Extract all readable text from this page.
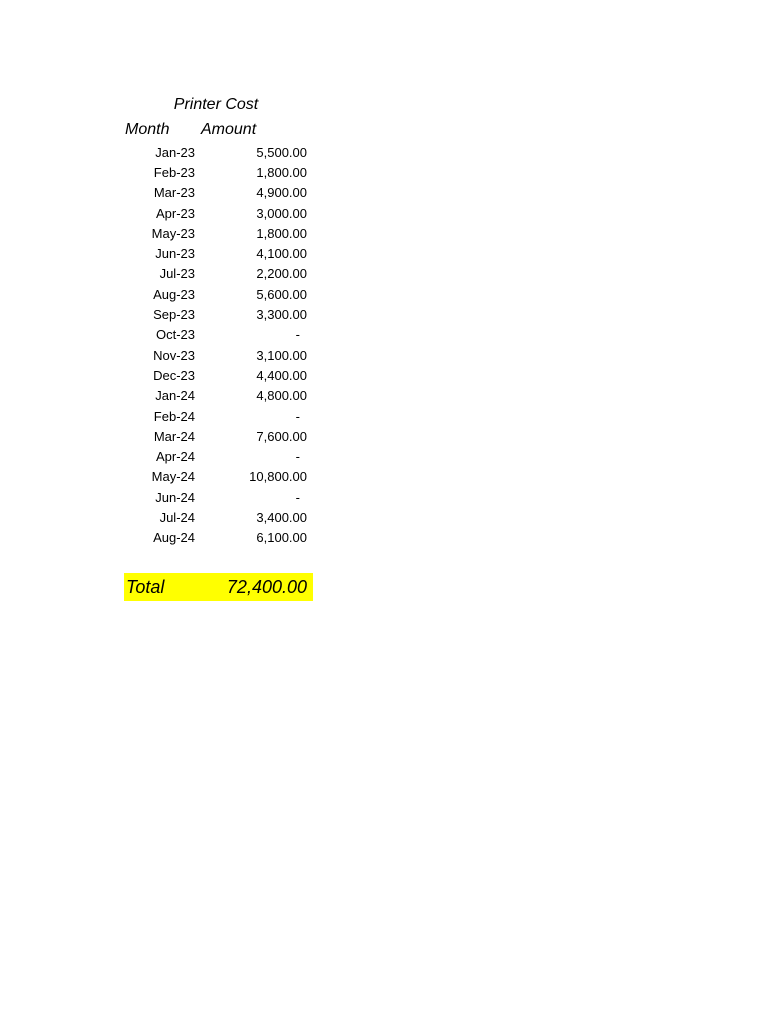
Printer Cost
Month Amount
Jan-23	5,500.00
Feb-23	1,800.00
Mar-23	4,900.00
Apr-23	3,000.00
May-23	1,800.00
Jun-23	4,100.00
Jul-23	2,200.00
Aug-23	5,600.00
Sep-23	3,300.00
Oct-23	-
Nov-23	3,100.00
Dec-23	4,400.00
Jan-24	4,800.00
Feb-24	-
Mar-24	7,600.00
Apr-24	-
May-24	10,800.00
Jun-24	-
Jul-24	3,400.00
Aug-24	6,100.00
Total	72,400.00
